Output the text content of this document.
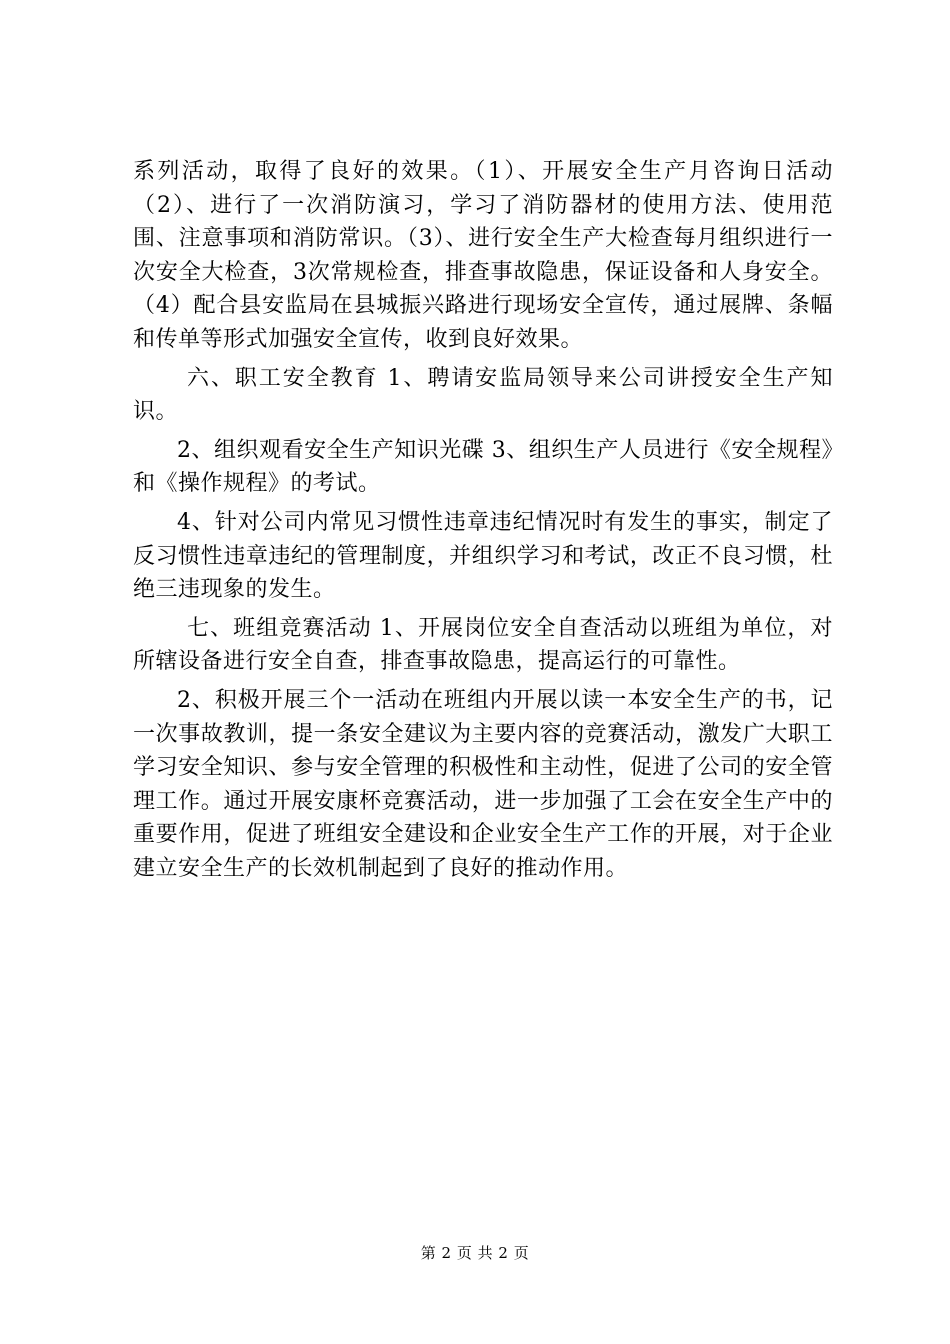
系列活动，取得了良好的效果。（1）、开展安全生产月咨询日活动（2）、进行了一次消防演习，学习了消防器材的使用方法、使用范围、注意事项和消防常识。（3）、进行安全生产大检查每月组织进行一次安全大检查，3次常规检查，排查事故隐患，保证设备和人身安全。（4）配合县安监局在县城振兴路进行现场安全宣传，通过展牌、条幅和传单等形式加强安全宣传，收到良好效果。

六、职工安全教育 1、聘请安监局领导来公司讲授安全生产知识。

2、组织观看安全生产知识光碟 3、组织生产人员进行《安全规程》和《操作规程》的考试。

4、针对公司内常见习惯性违章违纪情况时有发生的事实，制定了反习惯性违章违纪的管理制度，并组织学习和考试，改正不良习惯，杜绝三违现象的发生。

七、班组竞赛活动 1、开展岗位安全自查活动以班组为单位，对所辖设备进行安全自查，排查事故隐患，提高运行的可靠性。

2、积极开展三个一活动在班组内开展以读一本安全生产的书，记一次事故教训，提一条安全建议为主要内容的竞赛活动，激发广大职工学习安全知识、参与安全管理的积极性和主动性，促进了公司的安全管理工作。通过开展安康杯竞赛活动，进一步加强了工会在安全生产中的重要作用，促进了班组安全建设和企业安全生产工作的开展，对于企业建立安全生产的长效机制起到了良好的推动作用。

第 2 页 共 2 页
